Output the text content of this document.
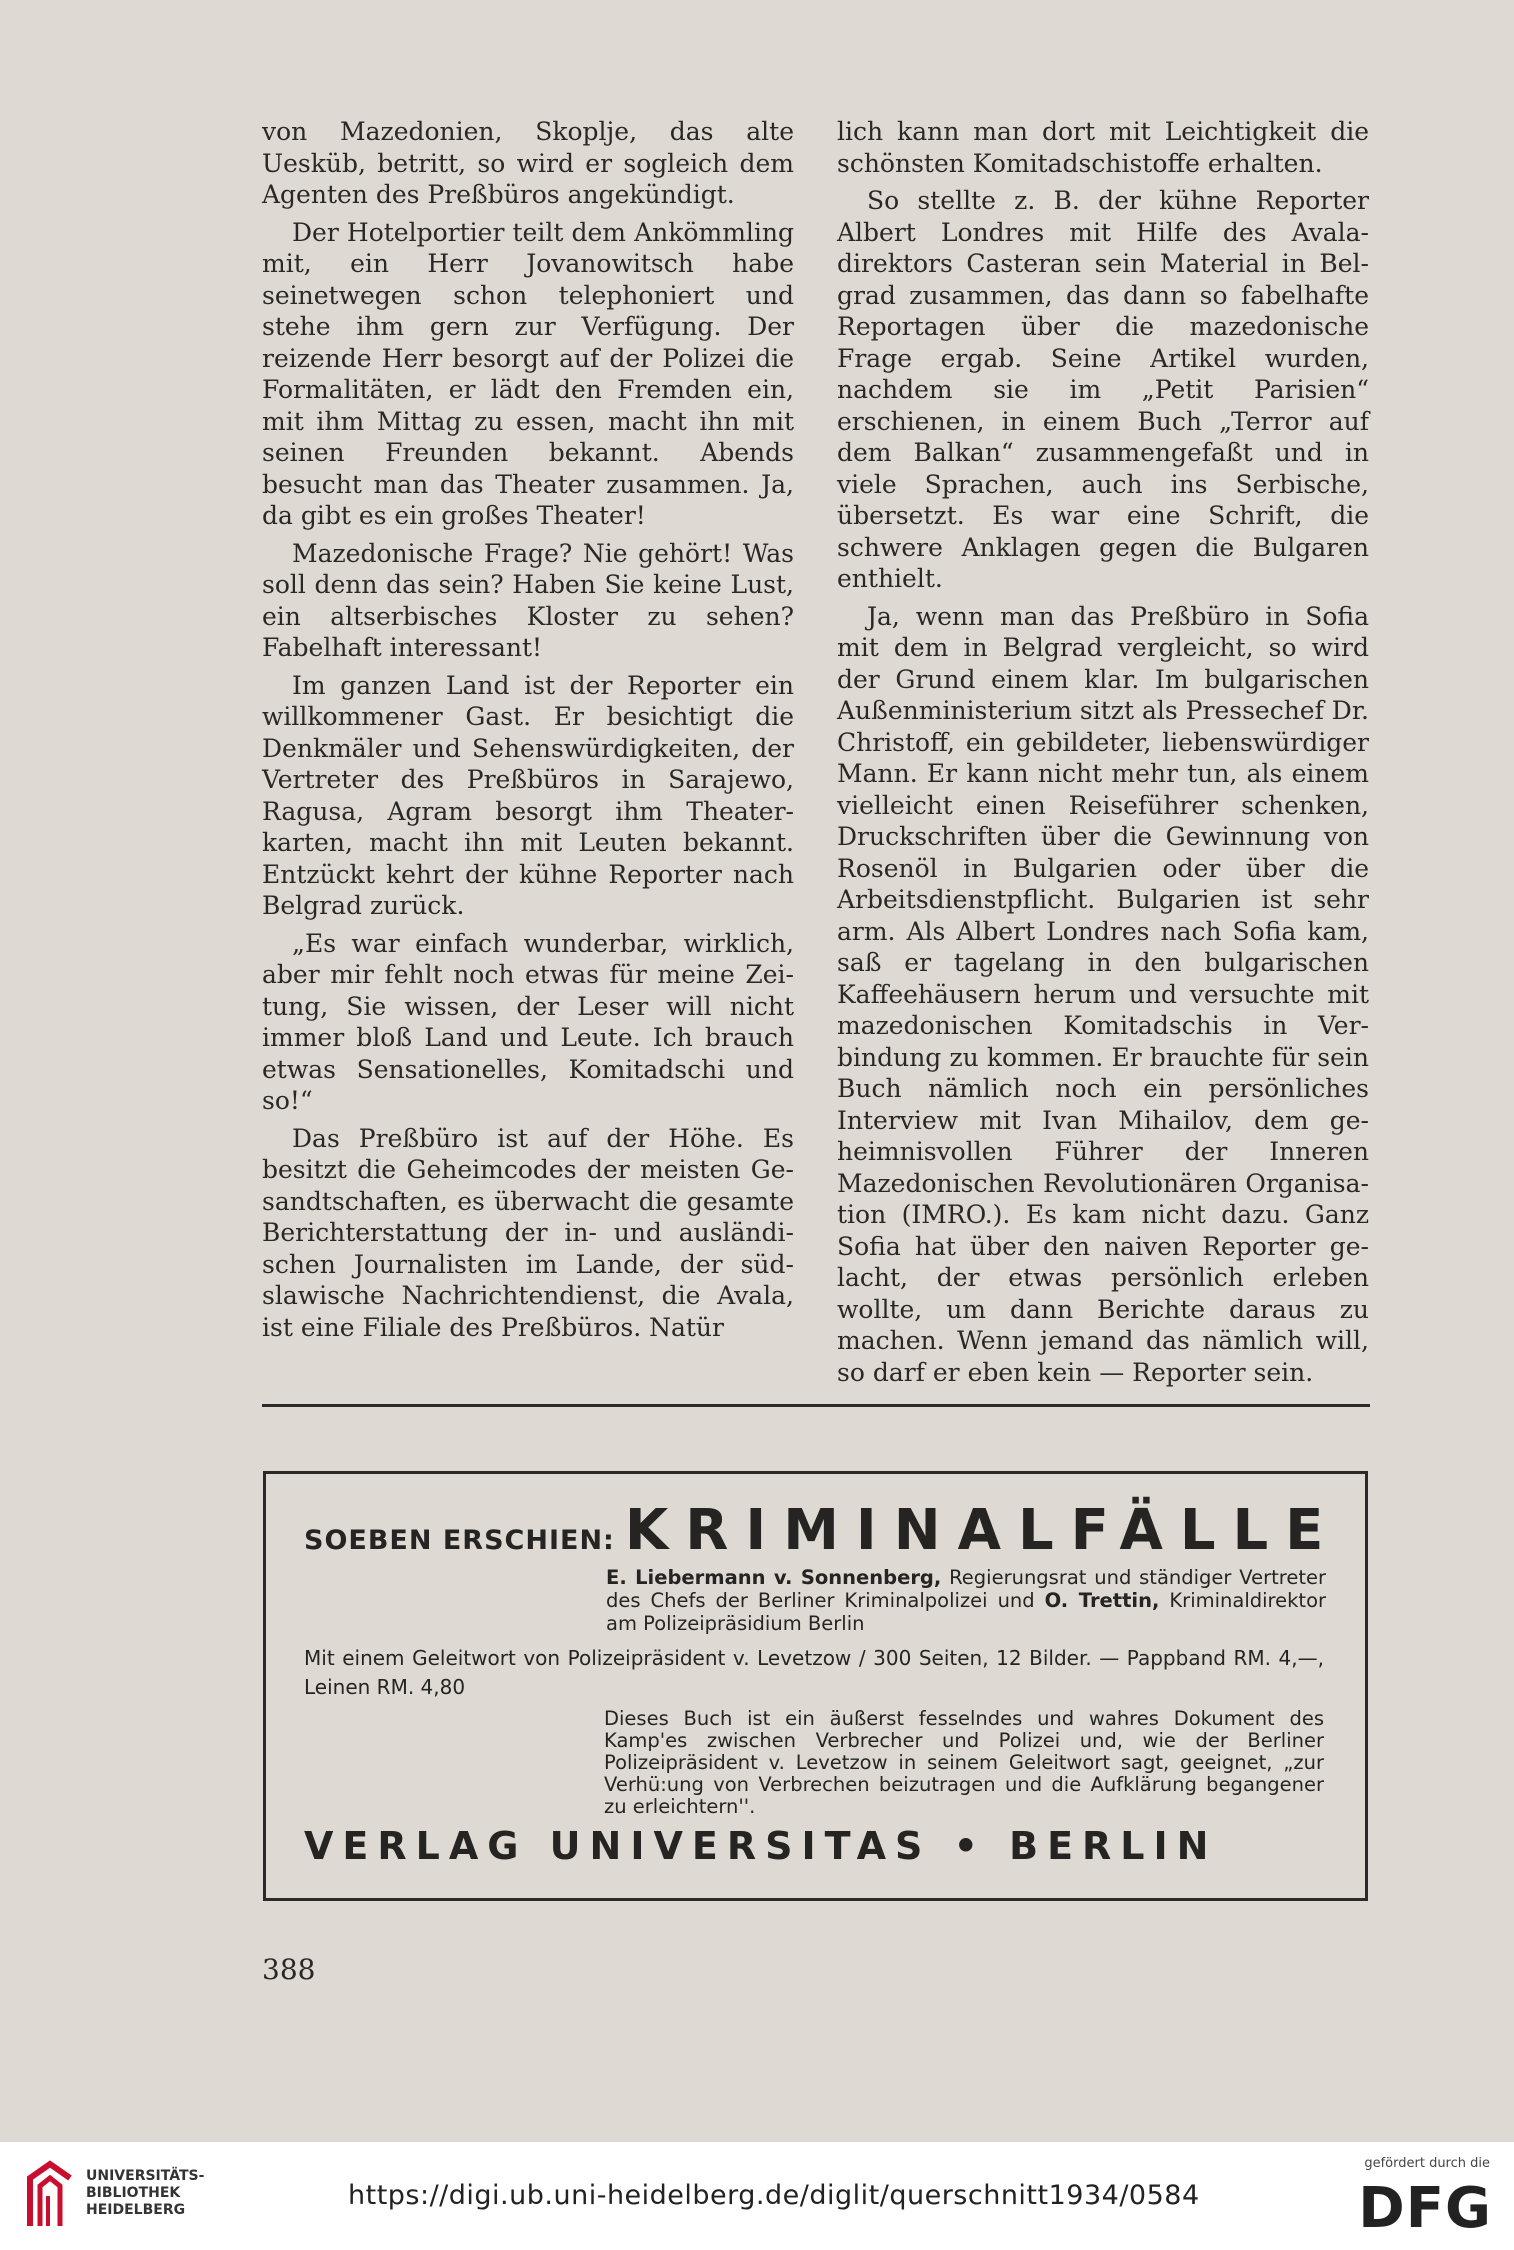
von Mazedonien, Skoplje, das alte Uesküb, betritt, so wird er sogleich dem Agenten des Preßbüros angekündigt.

Der Hotelportier teilt dem Ankömmling mit, ein Herr Jovanowitsch habe seinetwegen schon telephoniert und stehe ihm gern zur Verfügung. Der reizende Herr besorgt auf der Polizei die Formalitäten, er lädt den Fremden ein, mit ihm Mittag zu essen, macht ihn mit seinen Freunden bekannt. Abends besucht man das Theater zusammen. Ja, da gibt es ein großes Theater!

Mazedonische Frage? Nie gehört! Was soll denn das sein? Haben Sie keine Lust, ein altserbisches Kloster zu sehen? Fabelhaft interessant!

Im ganzen Land ist der Reporter ein willkommener Gast. Er besichtigt die Denkmäler und Sehenswürdigkeiten, der Vertreter des Preßbüros in Sarajewo, Ragusa, Agram besorgt ihm Theaterkarten, macht ihn mit Leuten bekannt. Entzückt kehrt der kühne Reporter nach Belgrad zurück.

„Es war einfach wunderbar, wirklich, aber mir fehlt noch etwas für meine Zeitung, Sie wissen, der Leser will nicht immer bloß Land und Leute. Ich brauch etwas Sensationelles, Komitadschi und so!“

Das Preßbüro ist auf der Höhe. Es besitzt die Geheimcodes der meisten Gesandtschaften, es überwacht die gesamte Berichterstattung der in- und ausländischen Journalisten im Lande, der südslawische Nachrichtendienst, die Avala, ist eine Filiale des Preßbüros. Natür

lich kann man dort mit Leichtigkeit die schönsten Komitadschistoffe erhalten.

So stellte z. B. der kühne Reporter Albert Londres mit Hilfe des Avaladirektors Casteran sein Material in Belgrad zusammen, das dann so fabelhafte Reportagen über die mazedonische Frage ergab. Seine Artikel wurden, nachdem sie im „Petit Parisien“ erschienen, in einem Buch „Terror auf dem Balkan“ zusammengefaßt und in viele Sprachen, auch ins Serbische, übersetzt. Es war eine Schrift, die schwere Anklagen gegen die Bulgaren enthielt.

Ja, wenn man das Preßbüro in Sofia mit dem in Belgrad vergleicht, so wird der Grund einem klar. Im bulgarischen Außenministerium sitzt als Pressechef Dr. Christoff, ein gebildeter, liebenswürdiger Mann. Er kann nicht mehr tun, als einem vielleicht einen Reiseführer schenken, Druckschriften über die Gewinnung von Rosenöl in Bulgarien oder über die Arbeitsdienstpflicht. Bulgarien ist sehr arm. Als Albert Londres nach Sofia kam, saß er tagelang in den bulgarischen Kaffeehäusern herum und versuchte mit mazedonischen Komitadschis in Verbindung zu kommen. Er brauchte für sein Buch nämlich noch ein persönliches Interview mit Ivan Mihailov, dem geheimnisvollen Führer der Inneren Mazedonischen Revolutionären Organisation (IMRO.). Es kam nicht dazu. Ganz Sofia hat über den naiven Reporter gelacht, der etwas persönlich erleben wollte, um dann Berichte daraus zu machen. Wenn jemand das nämlich will, so darf er eben kein — Reporter sein.

SOEBEN ERSCHIEN: KRIMINALFÄLLE
E. Liebermann v. Sonnenberg, Regierungsrat und ständiger Vertreter des Chefs der Berliner Kriminalpolizei und O. Trettin, Kriminaldirektor am Polizeipräsidium Berlin
Mit einem Geleitwort von Polizeipräsident v. Levetzow / 300 Seiten, 12 Bilder. — Pappband RM. 4,—, Leinen RM. 4,80
Dieses Buch ist ein äußerst fesselndes und wahres Dokument des Kamp'es zwischen Verbrecher und Polizei und, wie der Berliner Polizeipräsident v. Levetzow in seinem Geleitwort sagt, geeignet, „zur Verhü:ung von Verbrechen beizutragen und die Aufklärung begangener zu erleichtern''.
VERLAG UNIVERSITAS • BERLIN
388
UNIVERSITÄTS-
BIBLIOTHEK
HEIDELBERG	https://digi.ub.uni-heidelberg.de/diglit/querschnitt1934/0584
gefördert durch die
DFG
